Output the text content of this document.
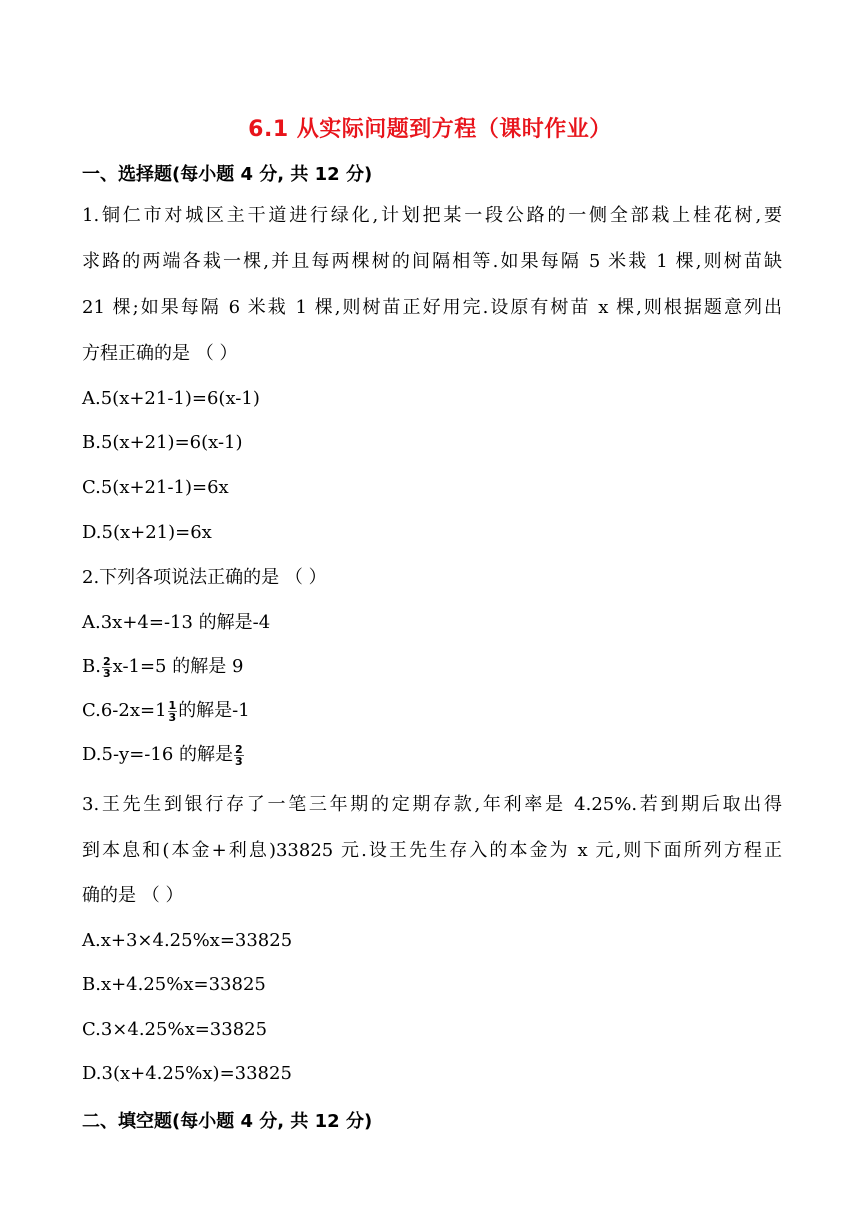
6.1 从实际问题到方程（课时作业）
一、选择题(每小题 4 分, 共 12 分)
1.铜仁市对城区主干道进行绿化,计划把某一段公路的一侧全部栽上桂花树,要
求路的两端各栽一棵,并且每两棵树的间隔相等.如果每隔 5 米栽 1 棵,则树苗缺
21 棵;如果每隔 6 米栽 1 棵,则树苗正好用完.设原有树苗 x 棵,则根据题意列出
方程正确的是 （ ）
A.5(x+21-1)=6(x-1)
B.5(x+21)=6(x-1)
C.5(x+21-1)=6x
D.5(x+21)=6x
2.下列各项说法正确的是 （ ）
A.3x+4=-13 的解是-4
B. $\frac{2}{3} x-1=5$ 的解是 9
$C.6-2x=1 \frac{1}{3}$ 的解是-1
D.5-y=-16 的解是 $\frac{2}{3}$
3.王先生到银行存了一笔三年期的定期存款,年利率是 4.25%.若到期后取出得
到本息和(本金+利息)33825 元.设王先生存入的本金为 x 元,则下面所列方程正
确的是 （ ）
A.x+3×4.25%x=33825
B.x+4.25%x=33825
C.3×4.25%x=33825
D.3(x+4.25%x)=33825
二、填空题(每小题 4 分, 共 12 分)
